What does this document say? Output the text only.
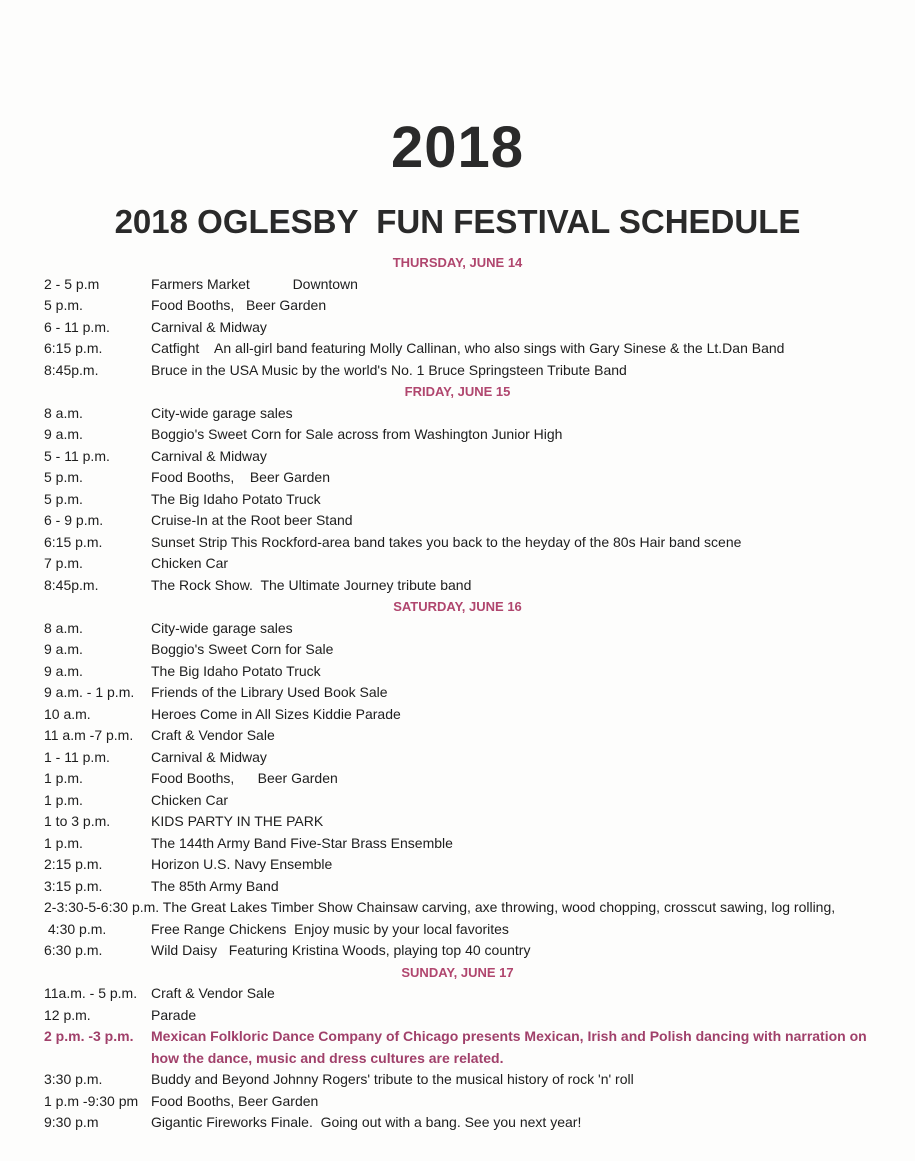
2018
2018 OGLESBY  FUN FESTIVAL SCHEDULE
THURSDAY, JUNE 14
2 - 5 p.m	Farmers Market           Downtown
5 p.m.	Food Booths,   Beer Garden
6 - 11 p.m.	Carnival & Midway
6:15 p.m.	Catfight    An all-girl band featuring Molly Callinan, who also sings with Gary Sinese & the Lt.Dan Band
8:45p.m.	Bruce in the USA Music by the world's No. 1 Bruce Springsteen Tribute Band
FRIDAY, JUNE 15
8 a.m.	City-wide garage sales
9 a.m.	Boggio's Sweet Corn for Sale across from Washington Junior High
5 - 11 p.m.	Carnival & Midway
5 p.m.	Food Booths,    Beer Garden
5 p.m.	The Big Idaho Potato Truck
6 - 9 p.m.	Cruise-In at the Root beer Stand
6:15 p.m.	Sunset Strip This Rockford-area band takes you back to the heyday of the 80s Hair band scene
7 p.m.	Chicken Car
8:45p.m.	The Rock Show.  The Ultimate Journey tribute band
SATURDAY, JUNE 16
8 a.m.	City-wide garage sales
9 a.m.	Boggio's Sweet Corn for Sale
9 a.m.	The Big Idaho Potato Truck
9 a.m. - 1 p.m. Friends of the Library Used Book Sale
10 a.m.	Heroes Come in All Sizes Kiddie Parade
11 a.m -7 p.m. Craft & Vendor Sale
1 - 11 p.m.	Carnival & Midway
1 p.m.	Food Booths,      Beer Garden
1 p.m.	Chicken Car
1 to 3 p.m.	KIDS PARTY IN THE PARK
1 p.m.	The 144th Army Band Five-Star Brass Ensemble
2:15 p.m.	Horizon U.S. Navy Ensemble
3:15 p.m.	The 85th Army Band
2-3:30-5-6:30 p.m. The Great Lakes Timber Show Chainsaw carving, axe throwing, wood chopping, crosscut sawing, log rolling,
4:30 p.m.	Free Range Chickens  Enjoy music by your local favorites
6:30 p.m.	Wild Daisy   Featuring Kristina Woods, playing top 40 country
SUNDAY, JUNE 17
11a.m. - 5 p.m. Craft & Vendor Sale
12 p.m.	Parade
2 p.m. -3 p.m. Mexican Folkloric Dance Company of Chicago presents Mexican, Irish and Polish dancing with narration on how the dance, music and dress cultures are related.
3:30 p.m.	Buddy and Beyond Johnny Rogers' tribute to the musical history of rock 'n' roll
1 p.m -9:30 pm Food Booths, Beer Garden
9:30 p.m	Gigantic Fireworks Finale.  Going out with a bang. See you next year!
